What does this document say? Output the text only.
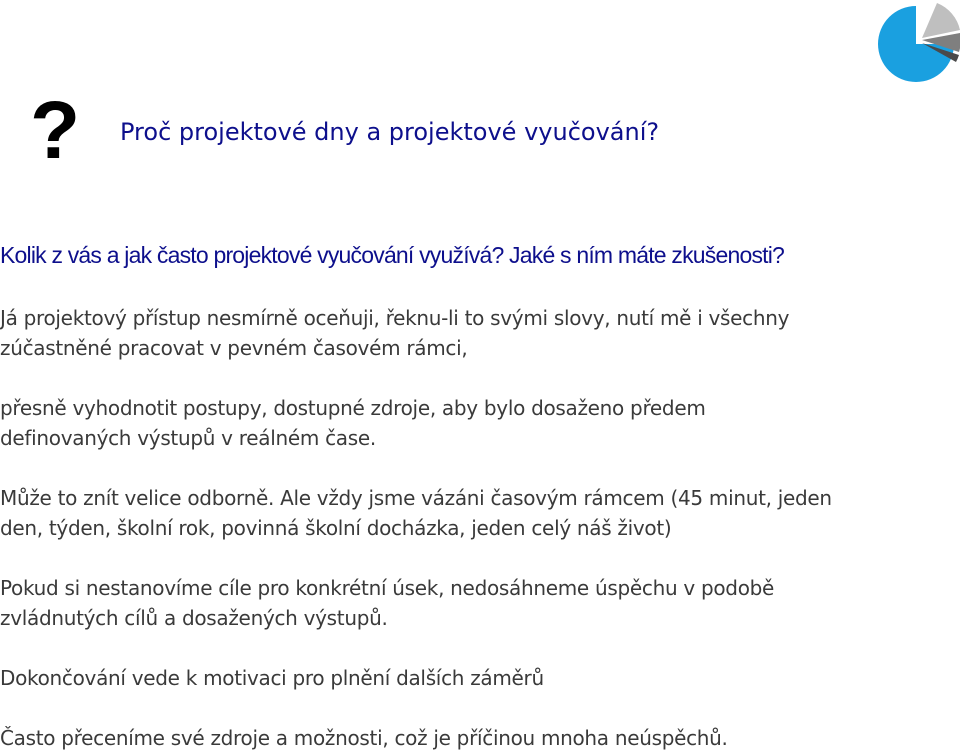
? Proč projektové dny a projektové vyučování?
Kolik z vás a jak často projektové vyučování využívá? Jaké s ním máte zkušenosti?

Já projektový přístup nesmírně oceňuji, řeknu-li to svými slovy, nutí mě i všechny
zúčastněné pracovat v pevném časovém rámci,

přesně vyhodnotit postupy, dostupné zdroje, aby bylo dosaženo předem
definovaných výstupů v reálném čase.

Může to znít velice odborně. Ale vždy jsme vázáni časovým rámcem (45 minut, jeden
den, týden, školní rok, povinná školní docházka, jeden celý náš život)

Pokud si nestanovíme cíle pro konkrétní úsek, nedosáhneme úspěchu v podobě
zvládnutých cílů a dosažených výstupů.

Dokončování vede k motivaci pro plnění dalších záměrů

Často přeceníme své zdroje a možnosti, což je příčinou mnoha neúspěchů.
